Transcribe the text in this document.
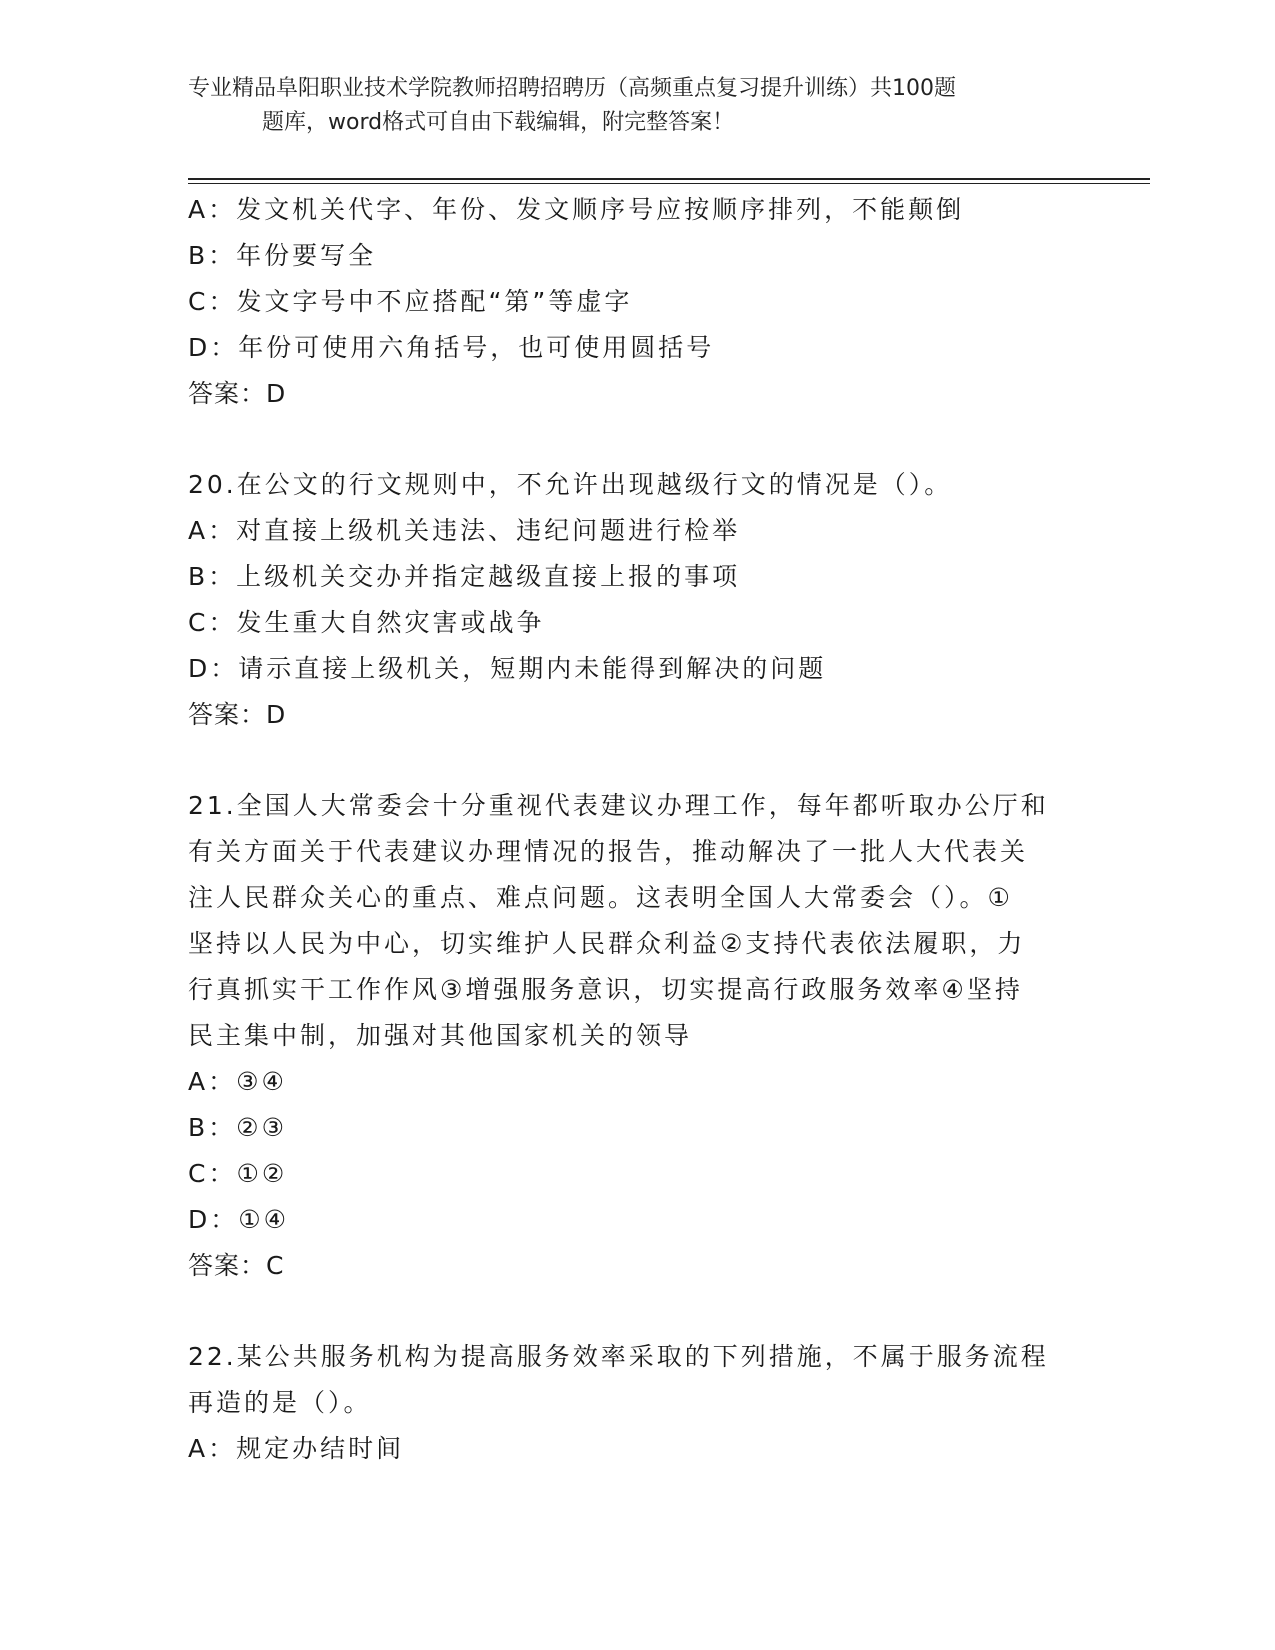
专业精品阜阳职业技术学院教师招聘招聘历（高频重点复习提升训练）共100题
题库，word格式可自由下载编辑，附完整答案！
A：发文机关代字、年份、发文顺序号应按顺序排列，不能颠倒
B：年份要写全
C：发文字号中不应搭配“第”等虚字
D：年份可使用六角括号，也可使用圆括号
答案：D
20.在公文的行文规则中，不允许出现越级行文的情况是（）。
A：对直接上级机关违法、违纪问题进行检举
B：上级机关交办并指定越级直接上报的事项
C：发生重大自然灾害或战争
D：请示直接上级机关，短期内未能得到解决的问题
答案：D
21.全国人大常委会十分重视代表建议办理工作，每年都听取办公厅和
有关方面关于代表建议办理情况的报告，推动解决了一批人大代表关
注人民群众关心的重点、难点问题。这表明全国人大常委会（）。①
坚持以人民为中心，切实维护人民群众利益②支持代表依法履职，力
行真抓实干工作作风③增强服务意识，切实提高行政服务效率④坚持
民主集中制，加强对其他国家机关的领导
A：③④
B：②③
C：①②
D：①④
答案：C
22.某公共服务机构为提高服务效率采取的下列措施，不属于服务流程
再造的是（）。
A：规定办结时间
